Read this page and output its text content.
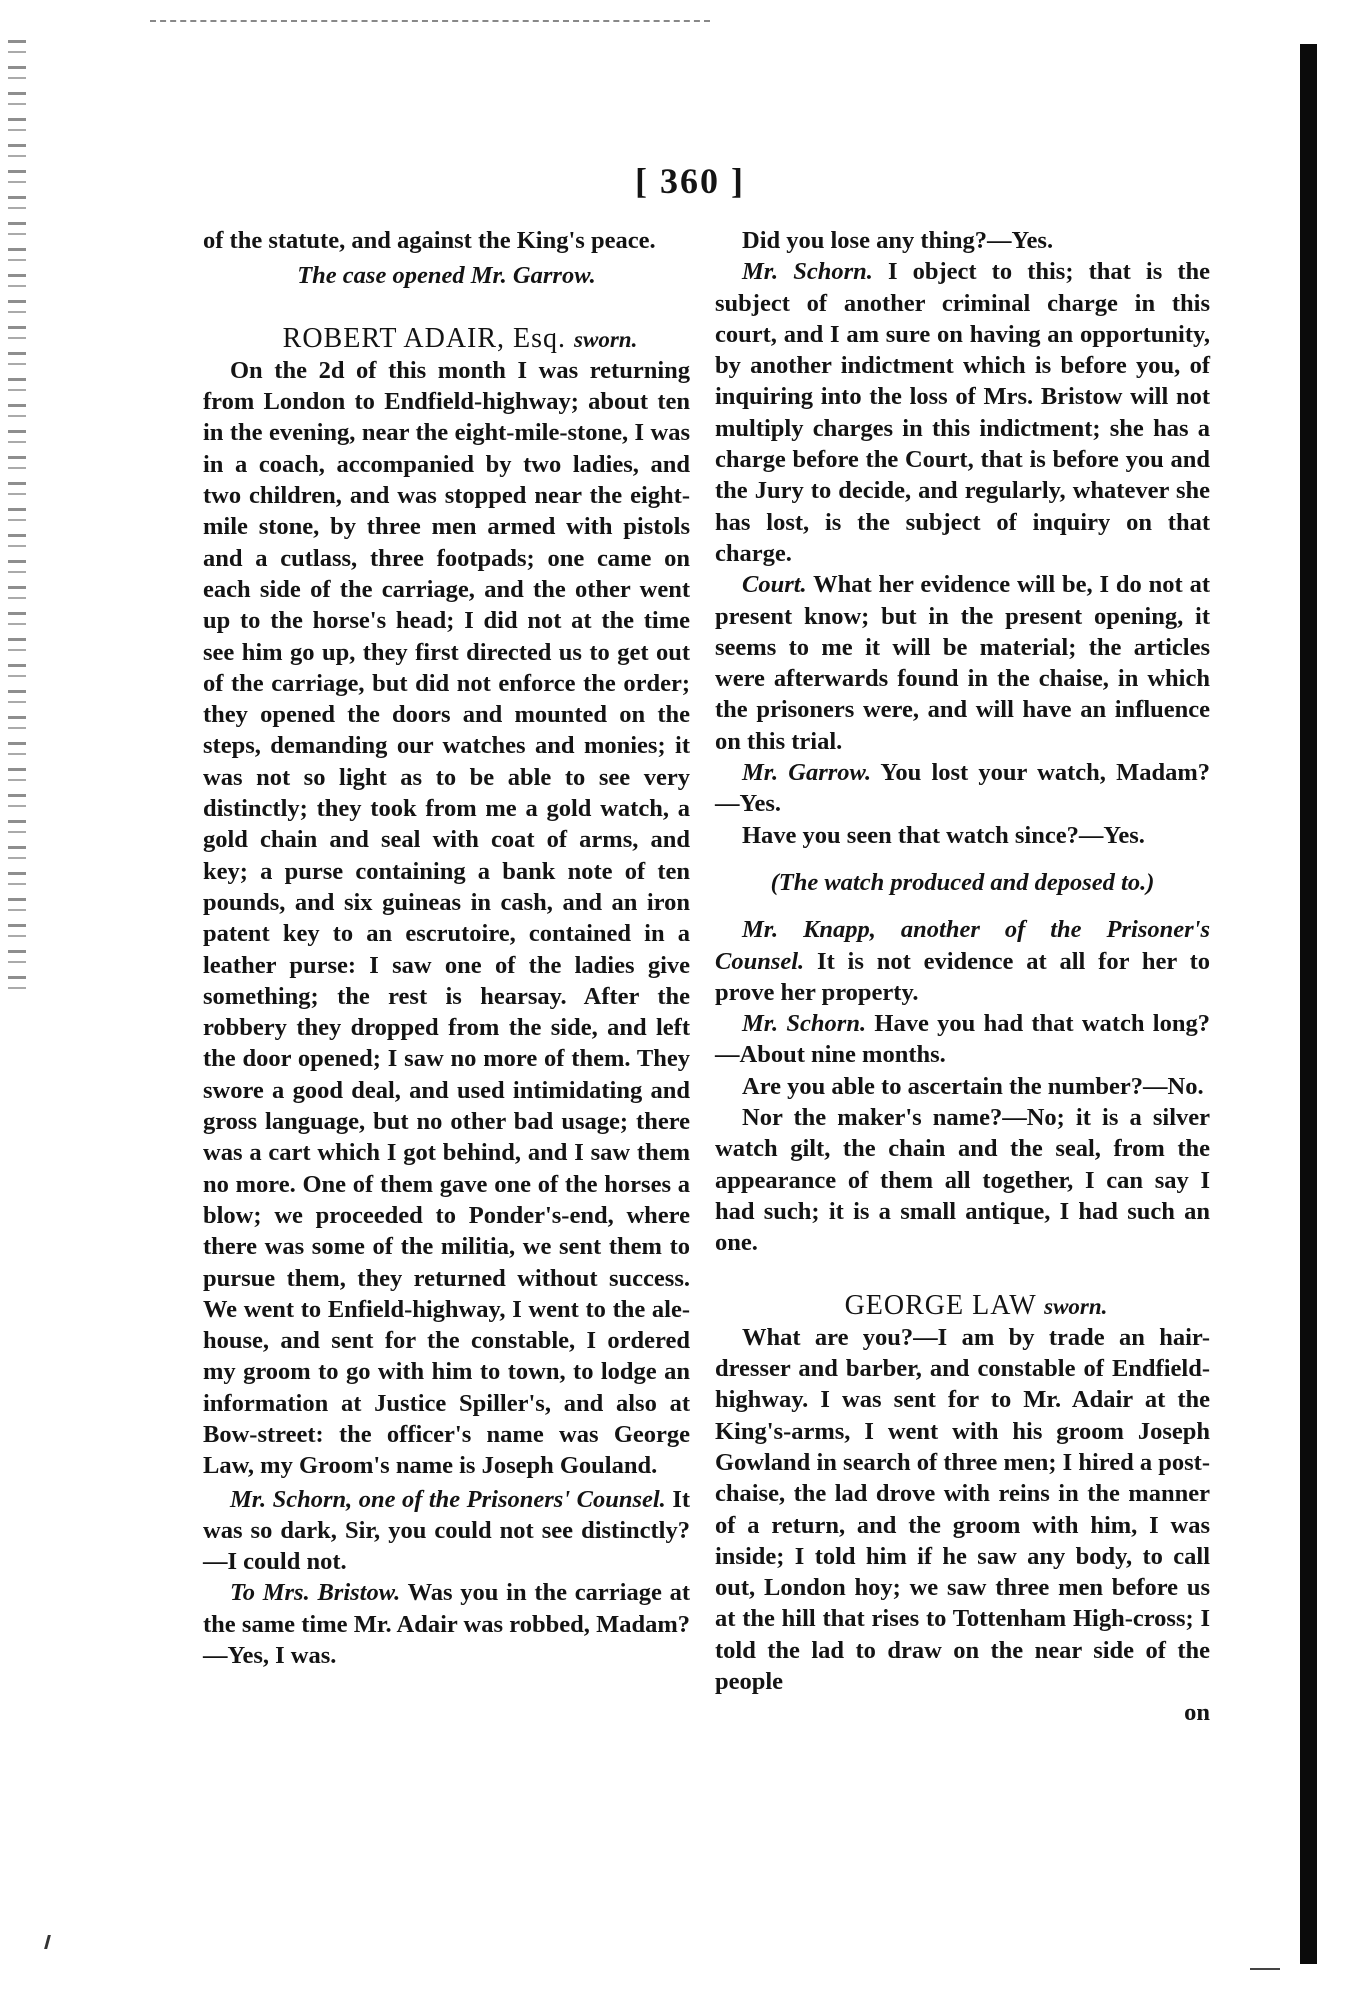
[ 360 ]

of the statute, and against the King's peace.

The case opened Mr. Garrow.

ROBERT ADAIR, Esq. sworn.

On the 2d of this month I was returning from London to Endfield-highway; about ten in the evening, near the eight-mile-stone, I was in a coach, accompanied by two ladies, and two children, and was stopped near the eight-mile stone, by three men armed with pistols and a cutlass, three footpads; one came on each side of the carriage, and the other went up to the horse's head; I did not at the time see him go up, they first directed us to get out of the carriage, but did not enforce the order; they opened the doors and mounted on the steps, demanding our watches and monies; it was not so light as to be able to see very distinctly; they took from me a gold watch, a gold chain and seal with coat of arms, and key; a purse containing a bank note of ten pounds, and six guineas in cash, and an iron patent key to an escrutoire, contained in a leather purse: I saw one of the ladies give something; the rest is hearsay. After the robbery they dropped from the side, and left the door opened; I saw no more of them. They swore a good deal, and used intimidating and gross language, but no other bad usage; there was a cart which I got behind, and I saw them no more. One of them gave one of the horses a blow; we proceeded to Ponder's-end, where there was some of the militia, we sent them to pursue them, they returned without success. We went to Enfield-highway, I went to the ale-house, and sent for the constable, I ordered my groom to go with him to town, to lodge an information at Justice Spiller's, and also at Bow-street: the officer's name was George Law, my Groom's name is Joseph Gouland.

Mr. Schorn, one of the Prisoners' Counsel. It was so dark, Sir, you could not see distinctly?—I could not.

To Mrs. Bristow. Was you in the carriage at the same time Mr. Adair was robbed, Madam?—Yes, I was.

Did you lose any thing?—Yes.

Mr. Schorn. I object to this; that is the subject of another criminal charge in this court, and I am sure on having an opportunity, by another indictment which is before you, of inquiring into the loss of Mrs. Bristow will not multiply charges in this indictment; she has a charge before the Court, that is before you and the Jury to decide, and regularly, whatever she has lost, is the subject of inquiry on that charge.

Court. What her evidence will be, I do not at present know; but in the present opening, it seems to me it will be material; the articles were afterwards found in the chaise, in which the prisoners were, and will have an influence on this trial.

Mr. Garrow. You lost your watch, Madam?—Yes.

Have you seen that watch since?—Yes.

(The watch produced and deposed to.)

Mr. Knapp, another of the Prisoner's Counsel. It is not evidence at all for her to prove her property.

Mr. Schorn. Have you had that watch long?—About nine months.

Are you able to ascertain the number?—No.

Nor the maker's name?—No; it is a silver watch gilt, the chain and the seal, from the appearance of them all together, I can say I had such; it is a small antique, I had such an one.

GEORGE LAW sworn.

What are you?—I am by trade an hair-dresser and barber, and constable of Endfield-highway. I was sent for to Mr. Adair at the King's-arms, I went with his groom Joseph Gowland in search of three men; I hired a post-chaise, the lad drove with reins in the manner of a return, and the groom with him, I was inside; I told him if he saw any body, to call out, London hoy; we saw three men before us at the hill that rises to Tottenham High-cross; I told the lad to draw on the near side of the people

on
